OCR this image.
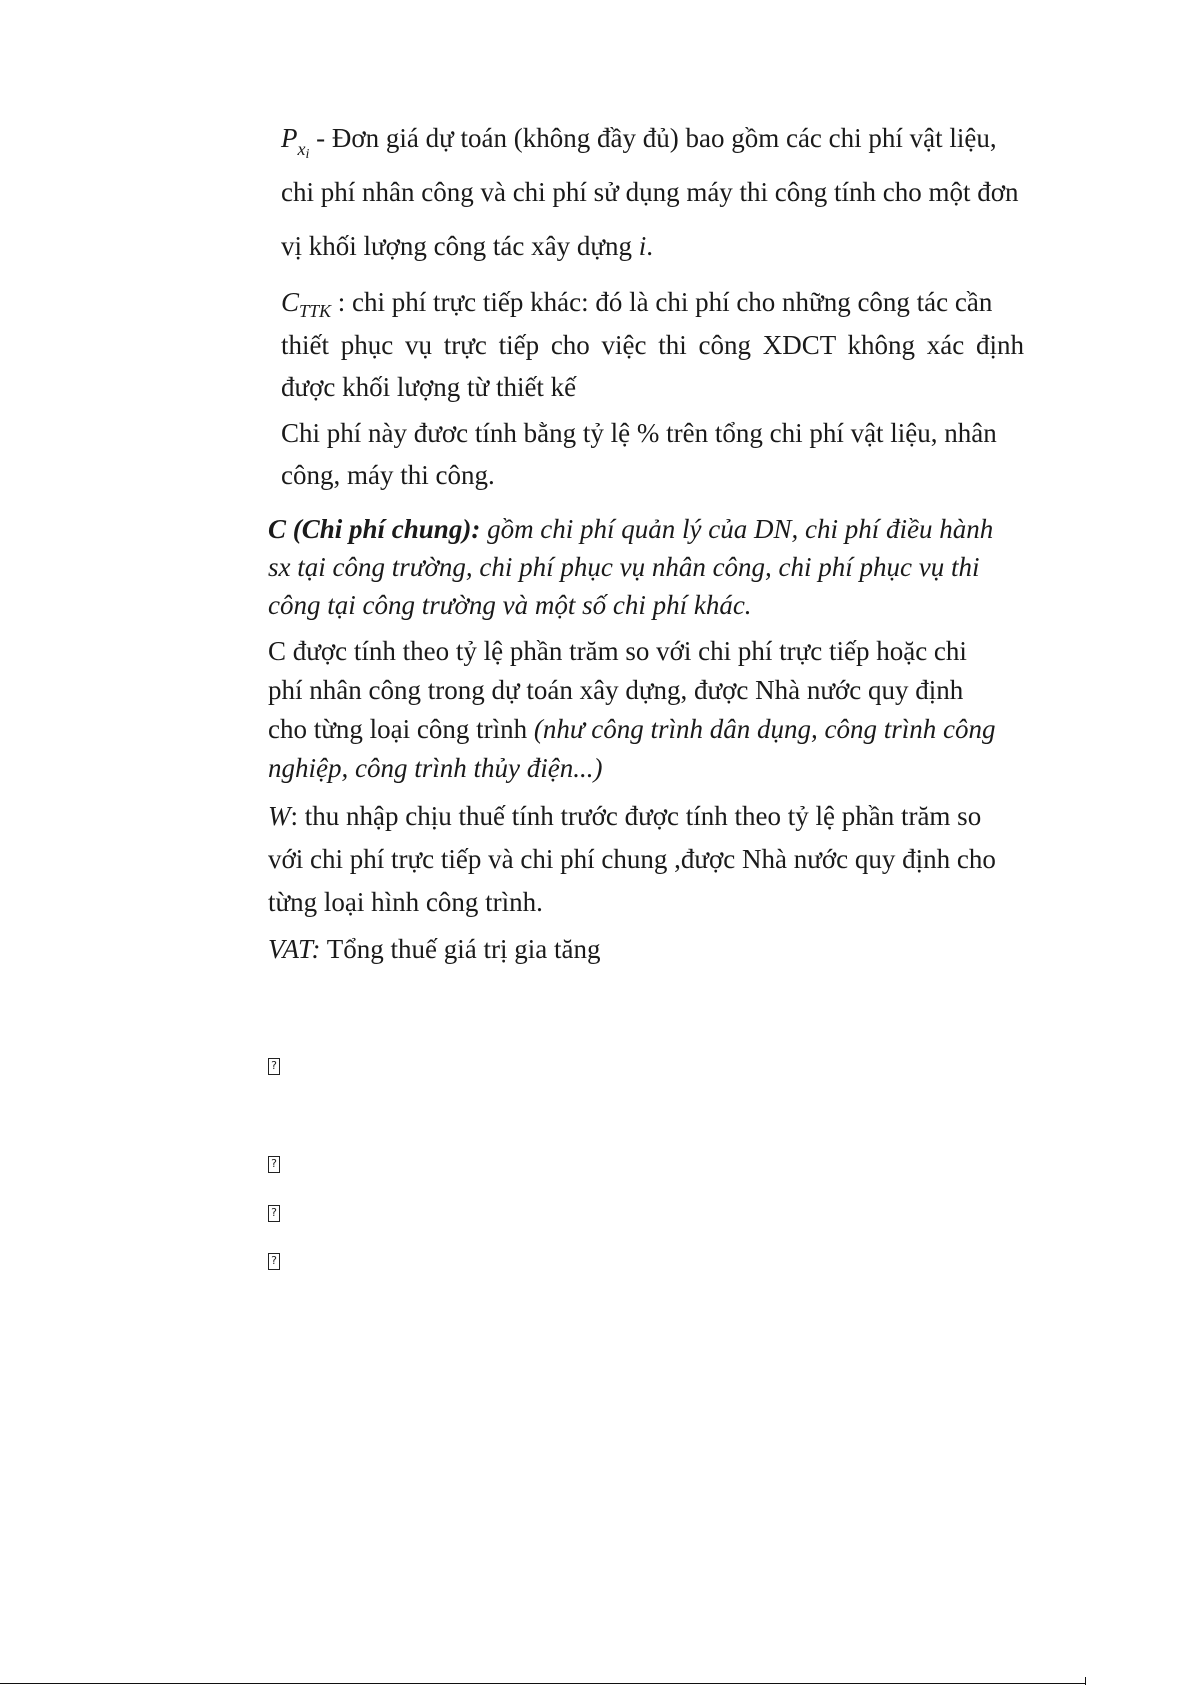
$P_{xi}$ - Đơn giá dự toán (không đầy đủ) bao gồm các chi phí vật liệu,
chi phí nhân công và chi phí sử dụng máy thi công tính cho một đơn
vị khối lượng công tác xây dựng i.
$C_{TTK}$ : chi phí trực tiếp khác: đó là chi phí cho những công tác cần
thiết phục vụ trực tiếp cho việc thi công XDCT không xác định
được khối lượng từ thiết kế
Chi phí này đươc tính bằng tỷ lệ % trên tổng chi phí vật liệu, nhân
công, máy thi công.
C (Chi phí chung): gồm chi phí quản lý của DN, chi phí điều hành
sx tại công trường, chi phí phục vụ nhân công, chi phí phục vụ thi
công tại công trường và một số chi phí khác.
C được tính theo tỷ lệ phần trăm so với chi phí trực tiếp hoặc chi
phí nhân công trong dự toán xây dựng, được Nhà nước quy định
cho từng loại công trình (như công trình dân dụng, công trình công
nghiệp, công trình thủy điện...)
W: thu nhập chịu thuế tính trước được tính theo tỷ lệ phần trăm so
với chi phí trực tiếp và chi phí chung ,được Nhà nước quy định cho
từng loại hình công trình.
VAT: Tổng thuế giá trị gia tăng
?
?
?
?
